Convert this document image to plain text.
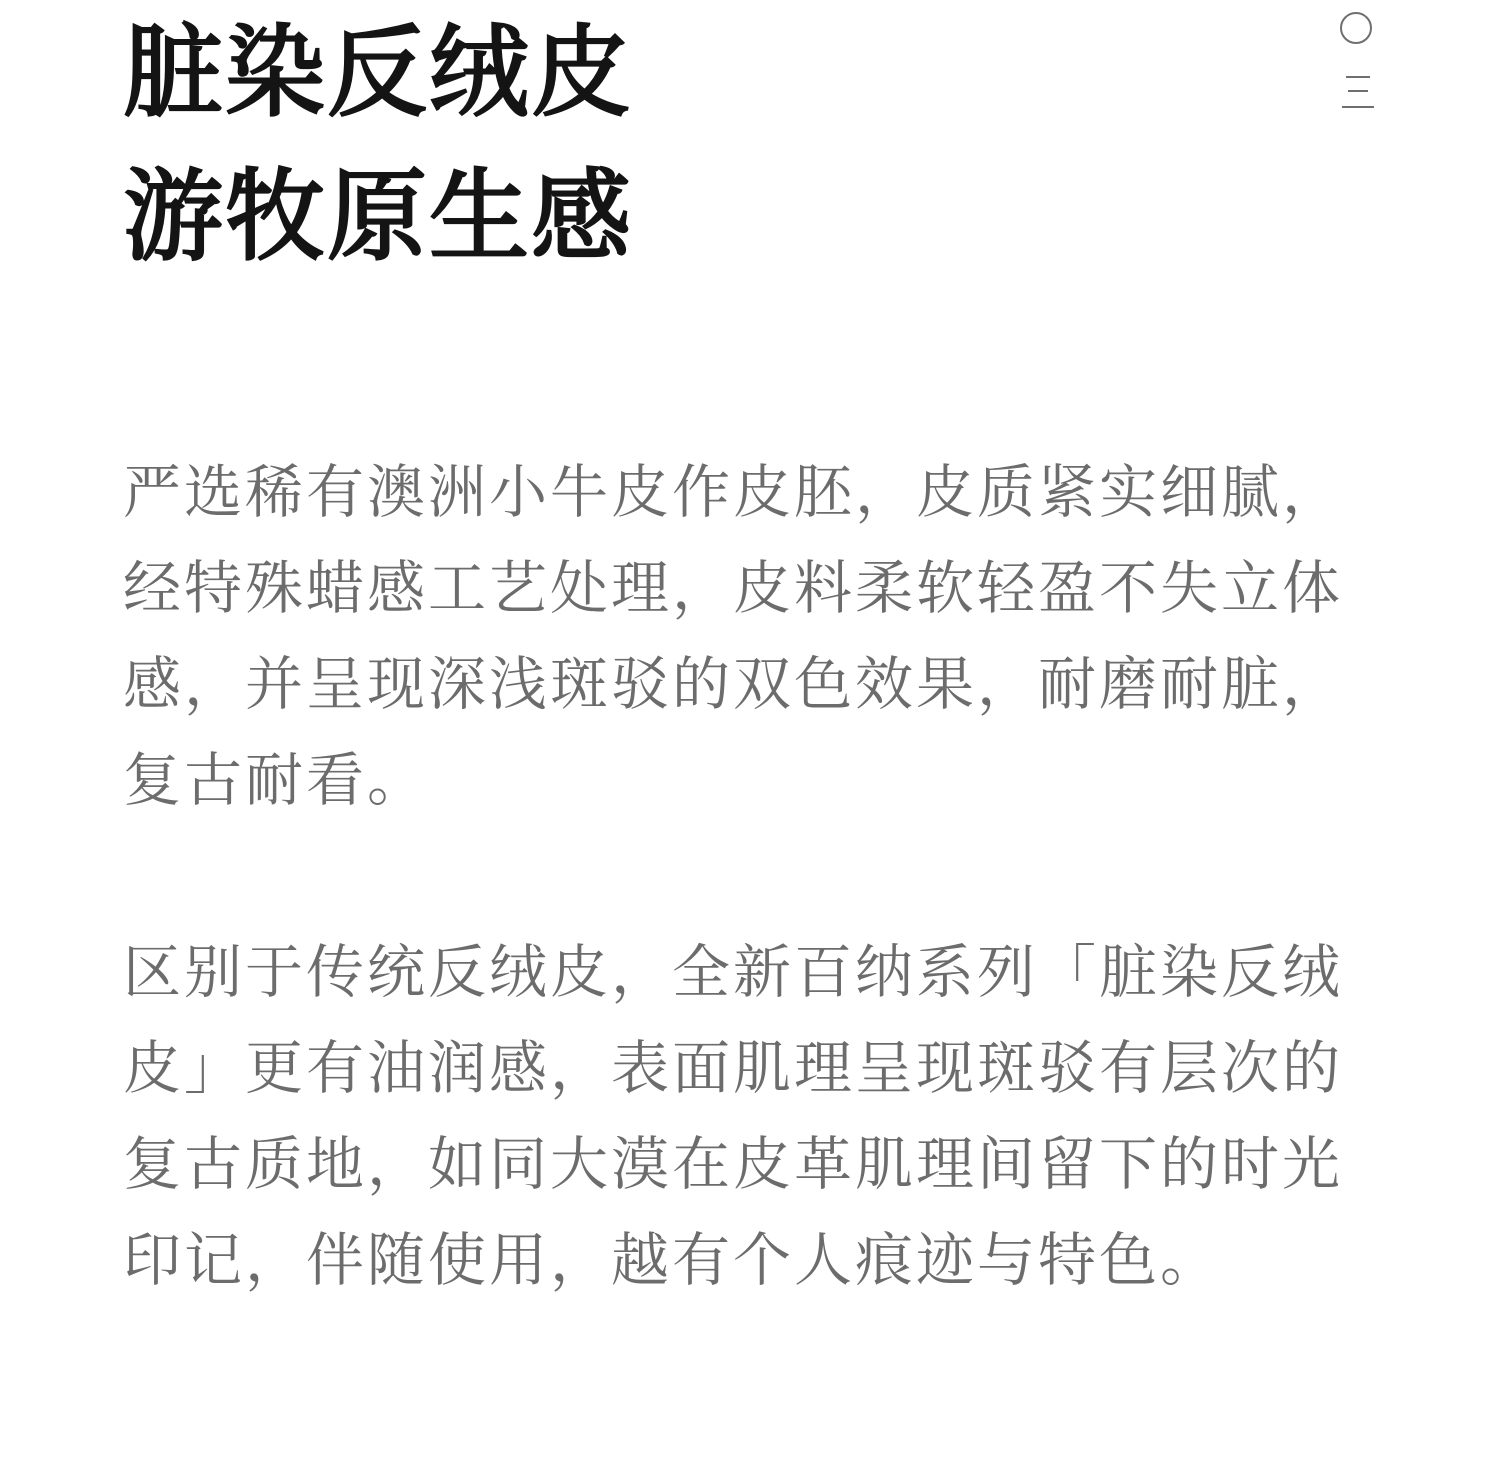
脏染反绒皮
游牧原生感

严选稀有澳洲小牛皮作皮胚，皮质紧实细腻，
经特殊蜡感工艺处理，皮料柔软轻盈不失立体
感，并呈现深浅斑驳的双色效果，耐磨耐脏，
复古耐看。

区别于传统反绒皮，全新百纳系列「脏染反绒
皮」更有油润感，表面肌理呈现斑驳有层次的
复古质地，如同大漠在皮革肌理间留下的时光
印记，伴随使用，越有个人痕迹与特色。
